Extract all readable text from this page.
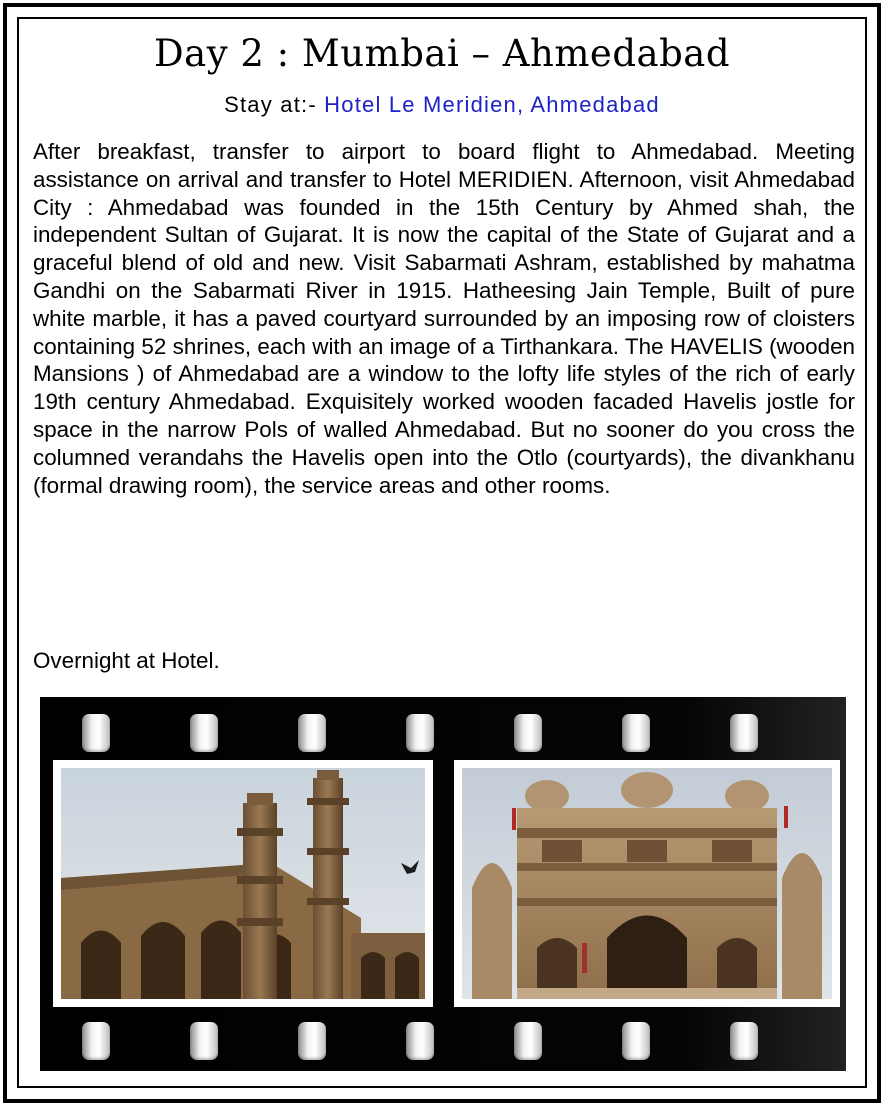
Day 2 : Mumbai – Ahmedabad

Stay at:- Hotel Le Meridien, Ahmedabad

After breakfast, transfer to airport to board flight to Ahmedabad. Meeting assistance on arrival and transfer to Hotel MERIDIEN. Afternoon, visit Ahmedabad City : Ahmedabad was founded in the 15th Century by Ahmed shah, the independent Sultan of Gujarat. It is now the capital of the State of Gujarat and a graceful blend of old and new. Visit Sabarmati Ashram, established by mahatma Gandhi on the Sabarmati River in 1915. Hatheesing Jain Temple, Built of pure white marble, it has a paved courtyard surrounded by an imposing row of cloisters containing 52 shrines, each with an image of a Tirthankara. The HAVELIS (wooden Mansions ) of Ahmedabad are a window to the lofty life styles of the rich of early 19th century Ahmedabad. Exquisitely worked wooden facaded Havelis jostle for space in the narrow Pols of walled Ahmedabad. But no sooner do you cross the columned verandahs the Havelis open into the Otlo (courtyards), the divankhanu (formal drawing room), the service areas and other rooms.

Overnight at Hotel.
